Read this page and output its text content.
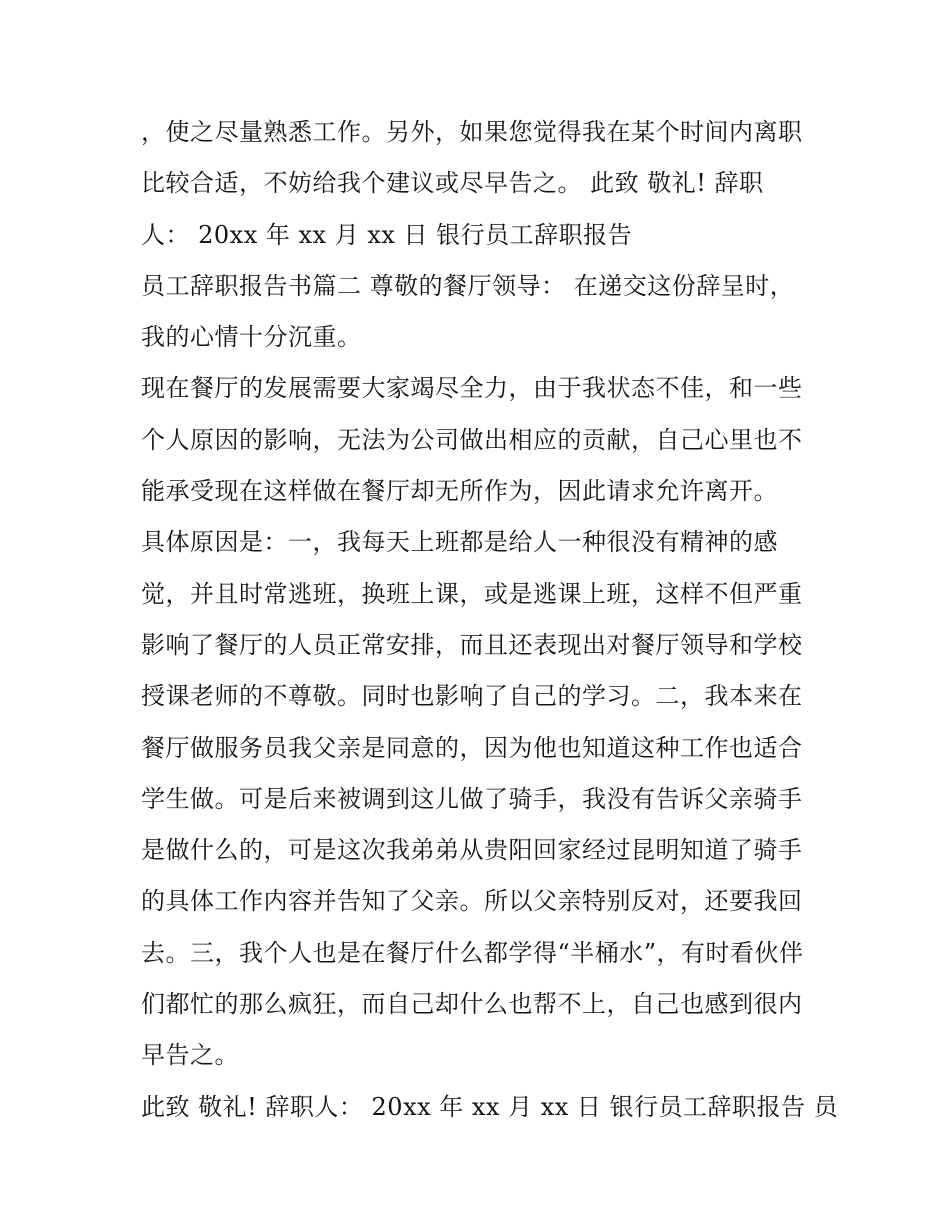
，使之尽量熟悉工作。另外，如果您觉得我在某个时间内离职
比较合适，不妨给我个建议或尽早告之。 此致 敬礼! 辞职
人： 20xx 年 xx 月 xx 日 银行员工辞职报告
员工辞职报告书篇二 尊敬的餐厅领导： 在递交这份辞呈时，
我的心情十分沉重。
现在餐厅的发展需要大家竭尽全力，由于我状态不佳，和一些
个人原因的影响，无法为公司做出相应的贡献，自己心里也不
能承受现在这样做在餐厅却无所作为，因此请求允许离开。
具体原因是：一，我每天上班都是给人一种很没有精神的感
觉，并且时常逃班，换班上课，或是逃课上班，这样不但严重
影响了餐厅的人员正常安排，而且还表现出对餐厅领导和学校
授课老师的不尊敬。同时也影响了自己的学习。二，我本来在
餐厅做服务员我父亲是同意的，因为他也知道这种工作也适合
学生做。可是后来被调到这儿做了骑手，我没有告诉父亲骑手
是做什么的，可是这次我弟弟从贵阳回家经过昆明知道了骑手
的具体工作内容并告知了父亲。所以父亲特别反对，还要我回
去。三，我个人也是在餐厅什么都学得“半桶水”，有时看伙伴
们都忙的那么疯狂，而自己却什么也帮不上，自己也感到很内
早告之。
此致 敬礼! 辞职人： 20xx 年 xx 月 xx 日 银行员工辞职报告 员
